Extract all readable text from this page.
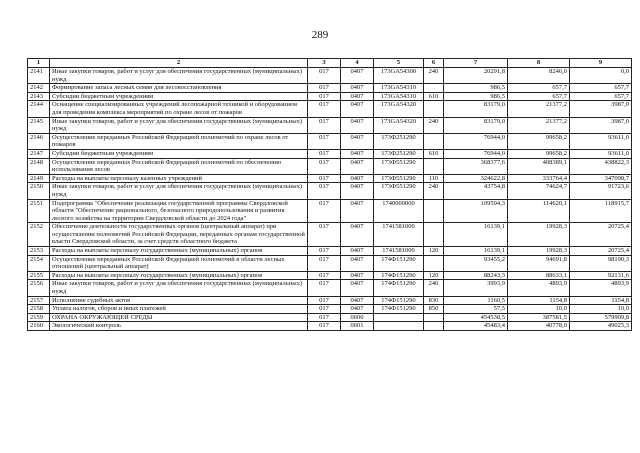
289
1	2	3	4	5	6	7	8	9
2141	Иные закупки товаров, работ и услуг для обеспечения государственных (муниципальных) нужд	017	0407	173GA54300	240	20291,8	8246,0	0,0
2142	Формирование запаса лесных семян для лесовосстановления	017	0407	173GA54310		986,5	657,7	657,7
2143	Субсидии бюджетным учреждениям	017	0407	173GA54310	610	986,5	657,7	657,7
2144	Оснащение специализированных учреждений лесопожарной техникой и оборудованием для проведения комплекса мероприятий по охране лесов от пожаров	017	0407	173GA54320		83179,0	21377,2	3987,0
2145	Иные закупки товаров, работ и услуг для обеспечения государственных (муниципальных) нужд	017	0407	173GA54320	240	83179,0	21377,2	3987,0
2146	Осуществление переданных Российской Федерацией полномочий по охране лесов от пожаров	017	0407	173Ф251290		76944,0	99658,2	93611,0
2147	Субсидии бюджетным учреждениям	017	0407	173Ф251290	610	76944,0	99658,2	93611,0
2148	Осуществление переданных Российской Федерацией полномочий по обеспечению использования лесов	017	0407	173Ф551290		368377,6	408389,1	438822,3
2149	Расходы на выплаты персоналу казенных учреждений	017	0407	173Ф551290	110	324622,8	333764,4	347098,7
2150	Иные закупки товаров, работ и услуг для обеспечения государственных (муниципальных) нужд	017	0407	173Ф551290	240	43754,8	74624,7	91723,6
2151	Подпрограмма "Обеспечение реализации государственной программы Свердловской области "Обеспечение рационального, безопасного природопользования и развития лесного хозяйства на территории Свердловской области до 2024 года"	017	0407	1740000000		109594,3	114620,1	118915,7
2152	Обеспечение деятельности государственных органов (центральный аппарат) при осуществлении полномочий Российской Федерации, переданных органам государственной власти Свердловской области, за счет средств областного бюджета	017	0407	1741581000		16139,1	19928,3	20725,4
2153	Расходы на выплаты персоналу государственных (муниципальных) органов	017	0407	1741581000	120	16139,1	19928,3	20725,4
2154	Осуществление переданных Российской Федерацией полномочий в области лесных отношений (центральный аппарат)	017	0407	174Ф151290		93455,2	94691,8	98190,3
2155	Расходы на выплаты персоналу государственных (муниципальных) органов	017	0407	174Ф151290	120	88243,3	88633,1	92131,6
2156	Иные закупки товаров, работ и услуг для обеспечения государственных (муниципальных) нужд	017	0407	174Ф151290	240	3993,9	4893,9	4893,9
2157	Исполнение судебных актов	017	0407	174Ф151290	830	1160,5	1154,8	1154,8
2158	Уплата налогов, сборов и иных платежей	017	0407	174Ф151290	850	57,5	10,0	10,0
2159	ОХРАНА ОКРУЖАЮЩЕЙ СРЕДЫ	017	0600			454538,5	387581,5	579909,8
2160	Экологический контроль	017	0601			45483,4	40778,0	49025,3
